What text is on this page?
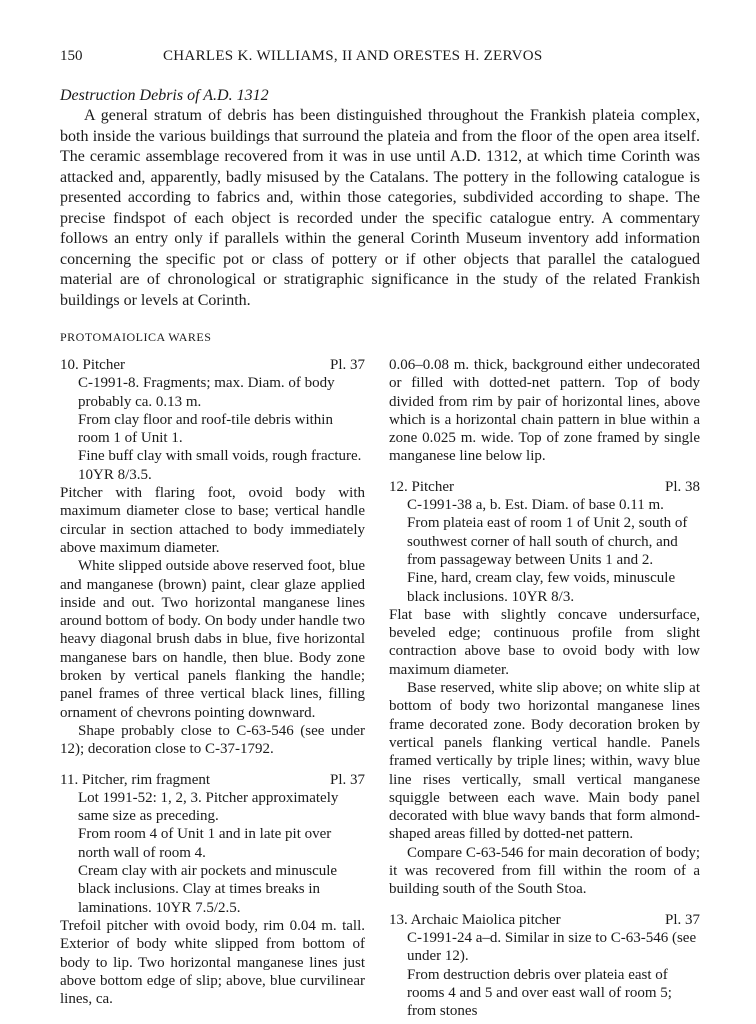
150	CHARLES K. WILLIAMS, II AND ORESTES H. ZERVOS
Destruction Debris of A.D. 1312

A general stratum of debris has been distinguished throughout the Frankish plateia complex, both inside the various buildings that surround the plateia and from the floor of the open area itself. The ceramic assemblage recovered from it was in use until A.D. 1312, at which time Corinth was attacked and, apparently, badly misused by the Catalans. The pottery in the following catalogue is presented according to fabrics and, within those categories, subdivided according to shape. The precise findspot of each object is recorded under the specific catalogue entry. A commentary follows an entry only if parallels within the general Corinth Museum inventory add information concerning the specific pot or class of pottery or if other objects that parallel the catalogued material are of chronological or stratigraphic significance in the study of the related Frankish buildings or levels at Corinth.

PROTOMAIOLICA WARES
10. Pitcher	Pl. 37

C-1991-8. Fragments; max. Diam. of body probably ca. 0.13 m.

From clay floor and roof-tile debris within room 1 of Unit 1.

Fine buff clay with small voids, rough fracture. 10YR 8/3.5.

Pitcher with flaring foot, ovoid body with maximum diameter close to base; vertical handle circular in section attached to body immediately above maximum diameter.

White slipped outside above reserved foot, blue and manganese (brown) paint, clear glaze applied inside and out. Two horizontal manganese lines around bottom of body. On body under handle two heavy diagonal brush dabs in blue, five horizontal manganese bars on handle, then blue. Body zone broken by vertical panels flanking the handle; panel frames of three vertical black lines, filling ornament of chevrons pointing downward.

Shape probably close to C-63-546 (see under 12); decoration close to C-37-1792.

11. Pitcher, rim fragment	Pl. 37

Lot 1991-52: 1, 2, 3. Pitcher approximately same size as preceding.

From room 4 of Unit 1 and in late pit over north wall of room 4.

Cream clay with air pockets and minuscule black inclusions. Clay at times breaks in laminations. 10YR 7.5/2.5.

Trefoil pitcher with ovoid body, rim 0.04 m. tall. Exterior of body white slipped from bottom of body to lip. Two horizontal manganese lines just above bottom edge of slip; above, blue curvilinear lines, ca.

0.06–0.08 m. thick, background either undecorated or filled with dotted-net pattern. Top of body divided from rim by pair of horizontal lines, above which is a horizontal chain pattern in blue within a zone 0.025 m. wide. Top of zone framed by single manganese line below lip.

12. Pitcher	Pl. 38

C-1991-38 a, b. Est. Diam. of base 0.11 m.

From plateia east of room 1 of Unit 2, south of southwest corner of hall south of church, and from passageway between Units 1 and 2.

Fine, hard, cream clay, few voids, minuscule black inclusions. 10YR 8/3.

Flat base with slightly concave undersurface, beveled edge; continuous profile from slight contraction above base to ovoid body with low maximum diameter.

Base reserved, white slip above; on white slip at bottom of body two horizontal manganese lines frame decorated zone. Body decoration broken by vertical panels flanking vertical handle. Panels framed vertically by triple lines; within, wavy blue line rises vertically, small vertical manganese squiggle between each wave. Main body panel decorated with blue wavy bands that form almond-shaped areas filled by dotted-net pattern.

Compare C-63-546 for main decoration of body; it was recovered from fill within the room of a building south of the South Stoa.

13. Archaic Maiolica pitcher	Pl. 37

C-1991-24 a–d. Similar in size to C-63-546 (see under 12).

From destruction debris over plateia east of rooms 4 and 5 and over east wall of room 5; from stones
